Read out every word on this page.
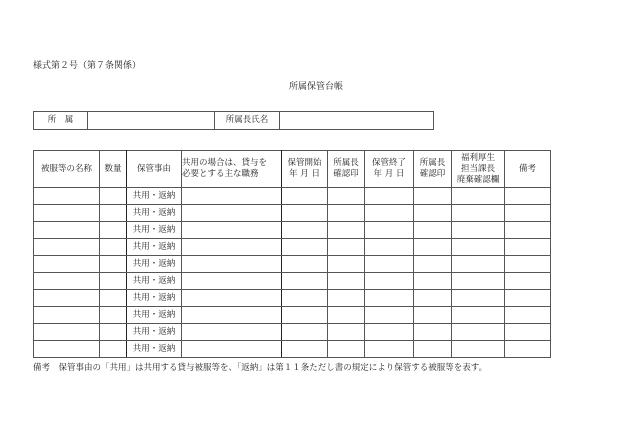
様式第２号（第７条関係）
所属保管台帳
所　属		所属長氏名	
被服等の名称	数量	保管事由	共用の場合は、貸与を
必要とする主な職務	保管開始
年 月 日	所属長
確認印	保管終了
年 月 日	所属長
確認印	福利厚生
担当課長
廃棄確認欄	備考
		共用・返納							
		共用・返納							
		共用・返納							
		共用・返納							
		共用・返納							
		共用・返納							
		共用・返納							
		共用・返納							
		共用・返納							
		共用・返納							
備考　保管事由の「共用」は共用する貸与被服等を、「返納」は第１１条ただし書の規定により保管する被服等を表す。
